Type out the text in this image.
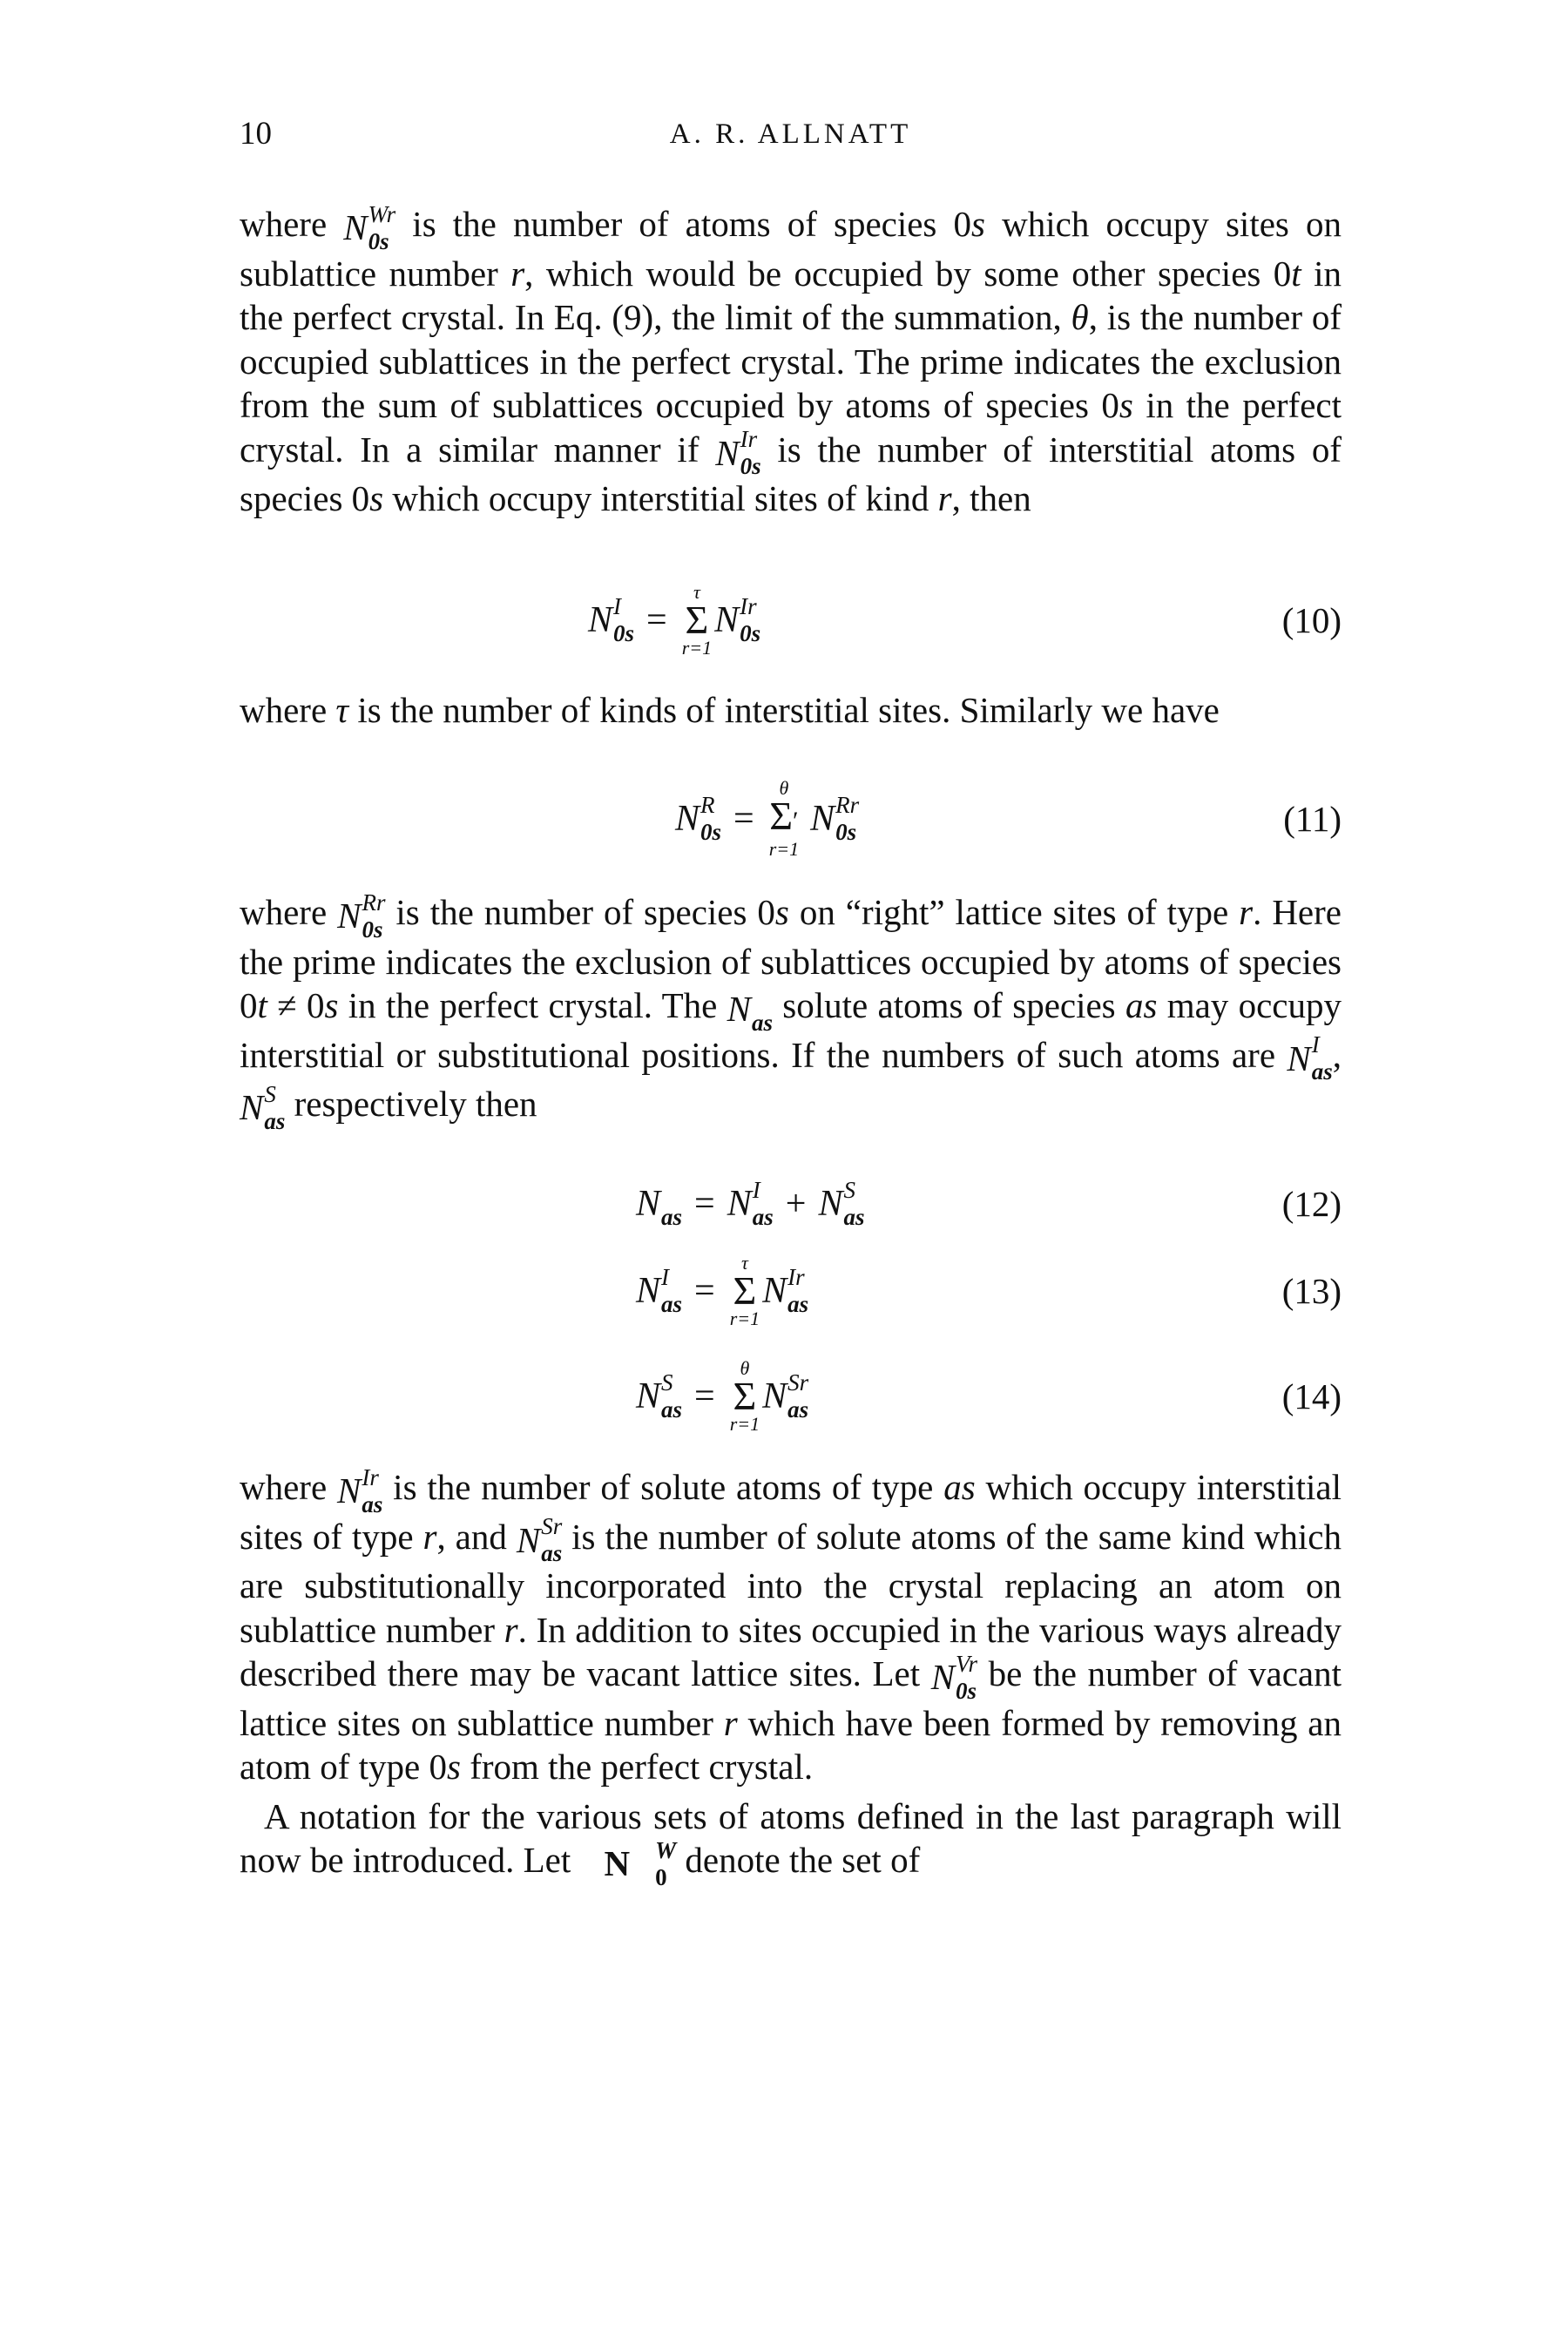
10	A. R. ALLNATT

where N Wr
0s is the number of atoms of species 0s which occupy sites on sublattice number r, which would be occupied by some other species 0t in the perfect crystal. In Eq. (9), the limit of the summation, θ, is the number of occupied sublattices in the perfect crystal. The prime indicates the exclusion from the sum of sublattices occupied by atoms of species 0s in the perfect crystal. In a similar manner if N Ir
0s is the number of interstitial atoms of species 0s which occupy interstitial sites of kind r, then

N I
0s =
τ
Σ
r=1
N Ir
0s	(10)

where τ is the number of kinds of interstitial sites. Similarly we have

N R
0s =
θ
Σ′
r=1
N Rr
0s	(11)

where N Rr
0s is the number of species 0s on “right” lattice sites of type r. Here the prime indicates the exclusion of sublattices occupied by atoms of species 0t ≠ 0s in the perfect crystal. The N
as solute atoms of species as may occupy interstitial or substitutional positions. If the numbers of such atoms are N I
as ,
N S
as respectively then

N
as = N I
as + N S
as	(12)
N I
as =
τ
Σ
r=1
N Ir
as	(13)
N S
as =
θ
Σ
r=1
N Sr
as	(14)

where N Ir
as is the number of solute atoms of type as which occupy interstitial sites of type r, and N Sr
as is the number of solute atoms of the same kind which are substitutionally incorporated into the crystal replacing an atom on sublattice number r. In addition to sites occupied in the various ways already described there may be vacant lattice sites. Let N Vr
0s be the number of vacant lattice sites on sublattice number r which have been formed by removing an atom of type 0s from the perfect crystal.

A notation for the various sets of atoms defined in the last paragraph will now be introduced. Let N	W
0 denote the set of
